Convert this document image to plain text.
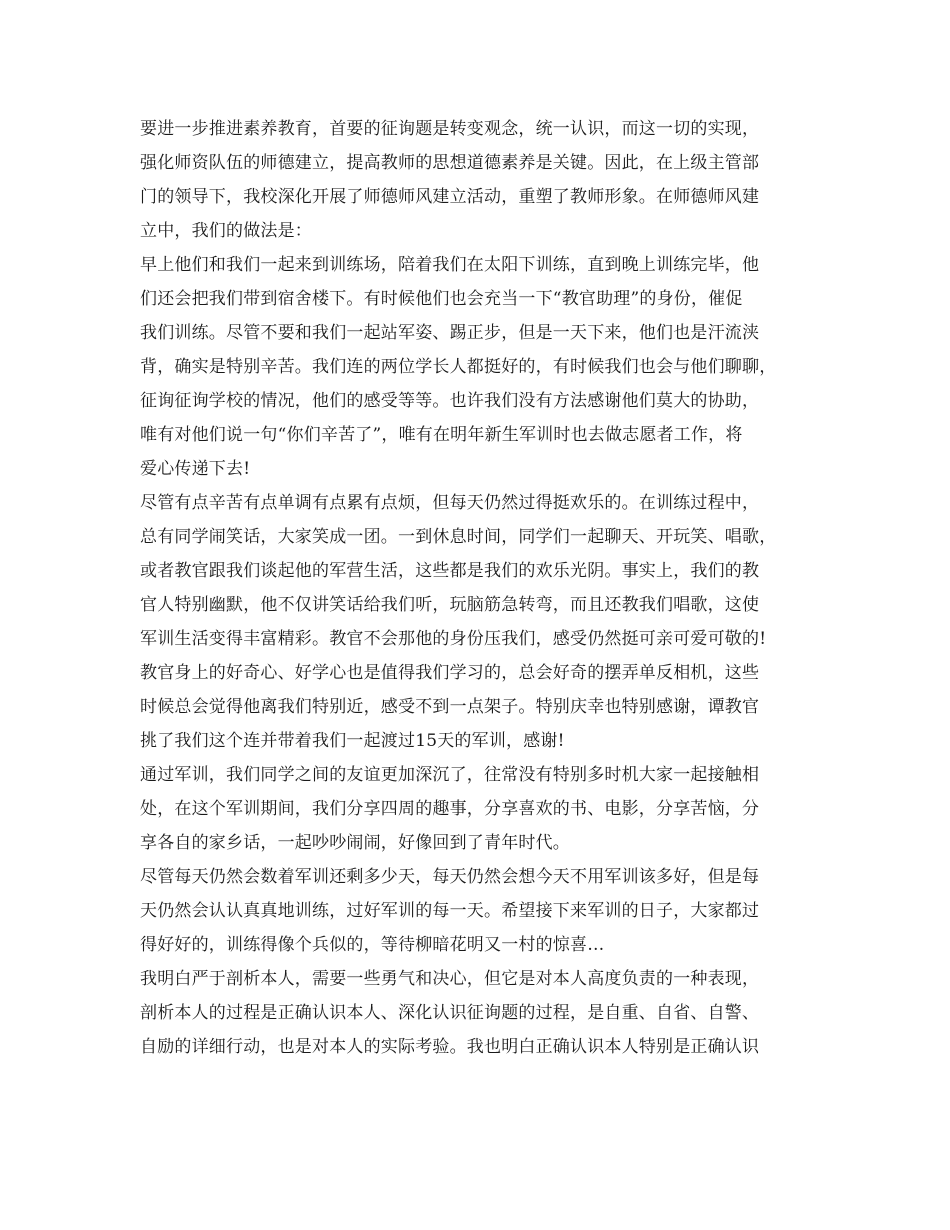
要进一步推进素养教育，首要的征询题是转变观念，统一认识，而这一切的实现，
强化师资队伍的师德建立，提高教师的思想道德素养是关键。因此，在上级主管部
门的领导下，我校深化开展了师德师风建立活动，重塑了教师形象。在师德师风建
立中，我们的做法是：
早上他们和我们一起来到训练场，陪着我们在太阳下训练，直到晚上训练完毕，他
们还会把我们带到宿舍楼下。有时候他们也会充当一下“教官助理”的身份，催促
我们训练。尽管不要和我们一起站军姿、踢正步，但是一天下来，他们也是汗流浃
背，确实是特别辛苦。我们连的两位学长人都挺好的，有时候我们也会与他们聊聊，
征询征询学校的情况，他们的感受等等。也许我们没有方法感谢他们莫大的协助，
唯有对他们说一句“你们辛苦了”，唯有在明年新生军训时也去做志愿者工作，将
爱心传递下去!
尽管有点辛苦有点单调有点累有点烦，但每天仍然过得挺欢乐的。在训练过程中，
总有同学闹笑话，大家笑成一团。一到休息时间，同学们一起聊天、开玩笑、唱歌，
或者教官跟我们谈起他的军营生活，这些都是我们的欢乐光阴。事实上，我们的教
官人特别幽默，他不仅讲笑话给我们听，玩脑筋急转弯，而且还教我们唱歌，这使
军训生活变得丰富精彩。教官不会那他的身份压我们，感受仍然挺可亲可爱可敬的!
教官身上的好奇心、好学心也是值得我们学习的，总会好奇的摆弄单反相机，这些
时候总会觉得他离我们特别近，感受不到一点架子。特别庆幸也特别感谢，谭教官
挑了我们这个连并带着我们一起渡过15天的军训，感谢!
通过军训，我们同学之间的友谊更加深沉了，往常没有特别多时机大家一起接触相
处，在这个军训期间，我们分享四周的趣事，分享喜欢的书、电影，分享苦恼，分
享各自的家乡话，一起吵吵闹闹，好像回到了青年时代。
尽管每天仍然会数着军训还剩多少天，每天仍然会想今天不用军训该多好，但是每
天仍然会认认真真地训练，过好军训的每一天。希望接下来军训的日子，大家都过
得好好的，训练得像个兵似的，等待柳暗花明又一村的惊喜…
我明白严于剖析本人，需要一些勇气和决心，但它是对本人高度负责的一种表现，
剖析本人的过程是正确认识本人、深化认识征询题的过程，是自重、自省、自警、
自励的详细行动，也是对本人的实际考验。我也明白正确认识本人特别是正确认识
